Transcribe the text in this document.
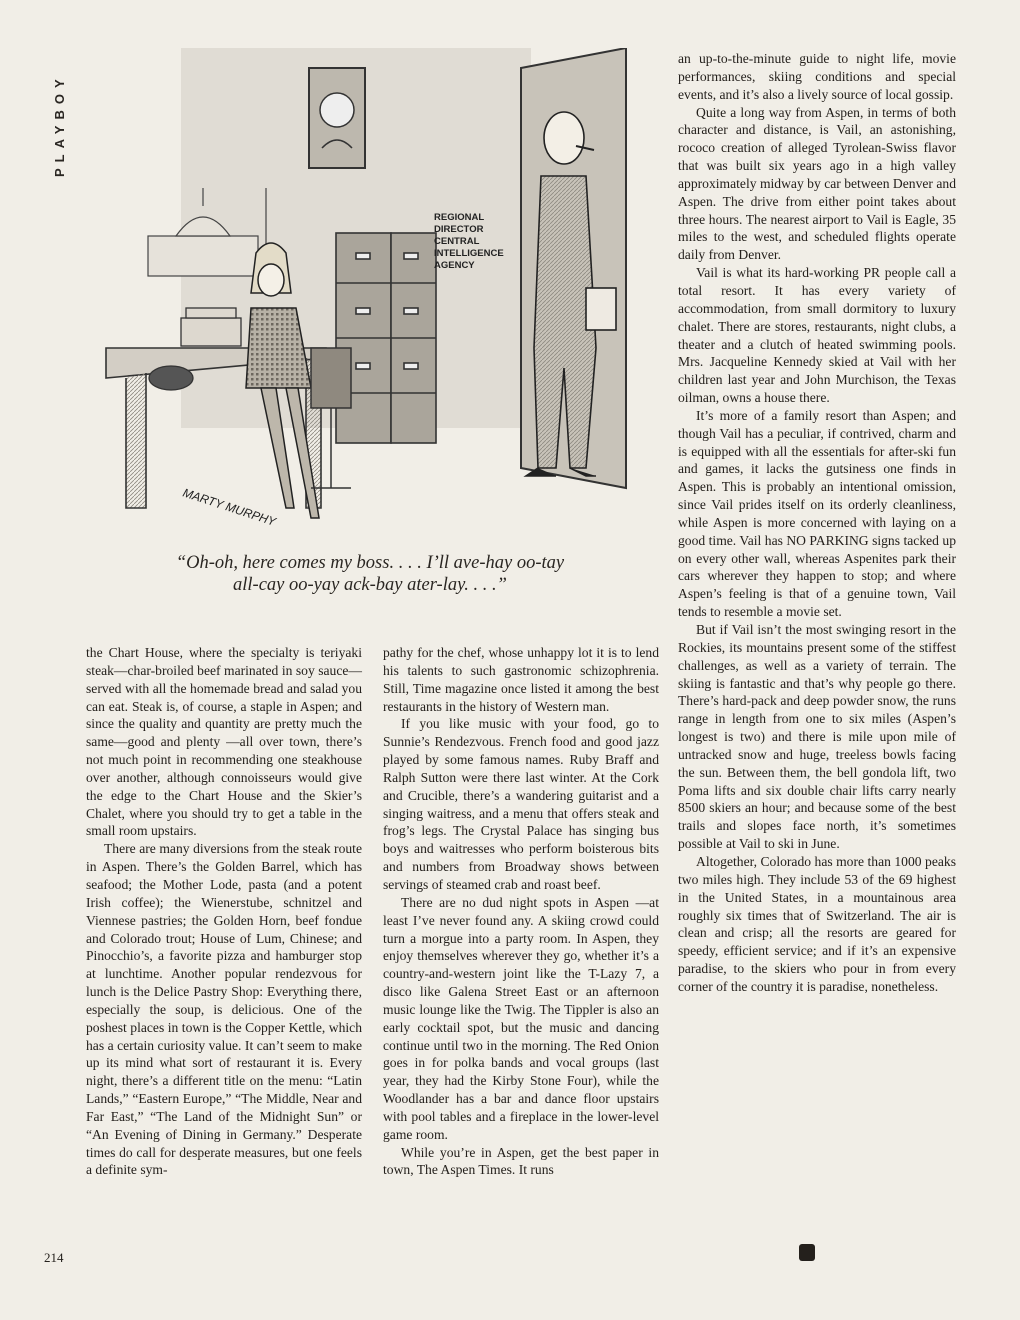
PLAYBOY
REGIONAL
DIRECTOR
CENTRAL
INTELLIGENCE
AGENCY
MARTY MURPHY
“Oh-oh, here comes my boss. . . . I’ll ave-hay oo-tay
all-cay oo-yay ack-bay ater-lay. . . .”

the Chart House, where the specialty is teriyaki steak—char-broiled beef marinated in soy sauce—served with all the homemade bread and salad you can eat. Steak is, of course, a staple in Aspen; and since the quality and quantity are pretty much the same—good and plenty —all over town, there’s not much point in recommending one steakhouse over another, although connoisseurs would give the edge to the Chart House and the Skier’s Chalet, where you should try to get a table in the small room upstairs.

There are many diversions from the steak route in Aspen. There’s the Golden Barrel, which has seafood; the Mother Lode, pasta (and a potent Irish coffee); the Wienerstube, schnitzel and Viennese pastries; the Golden Horn, beef fondue and Colorado trout; House of Lum, Chinese; and Pinocchio’s, a favorite pizza and hamburger stop at lunchtime. Another popular rendezvous for lunch is the Delice Pastry Shop: Everything there, especially the soup, is delicious. One of the poshest places in town is the Copper Kettle, which has a certain curiosity value. It can’t seem to make up its mind what sort of restaurant it is. Every night, there’s a different title on the menu: “Latin Lands,” “Eastern Europe,” “The Middle, Near and Far East,” “The Land of the Midnight Sun” or “An Evening of Dining in Germany.” Desperate times do call for desperate measures, but one feels a definite sym-

pathy for the chef, whose unhappy lot it is to lend his talents to such gastronomic schizophrenia. Still, Time magazine once listed it among the best restaurants in the history of Western man.

If you like music with your food, go to Sunnie’s Rendezvous. French food and good jazz played by some famous names. Ruby Braff and Ralph Sutton were there last winter. At the Cork and Crucible, there’s a wandering guitarist and a singing waitress, and a menu that offers steak and frog’s legs. The Crystal Palace has singing bus boys and waitresses who perform boisterous bits and numbers from Broadway shows between servings of steamed crab and roast beef.

There are no dud night spots in Aspen —at least I’ve never found any. A skiing crowd could turn a morgue into a party room. In Aspen, they enjoy themselves wherever they go, whether it’s a country-and-western joint like the T-Lazy 7, a disco like Galena Street East or an afternoon music lounge like the Twig. The Tippler is also an early cocktail spot, but the music and dancing continue until two in the morning. The Red Onion goes in for polka bands and vocal groups (last year, they had the Kirby Stone Four), while the Woodlander has a bar and dance floor upstairs with pool tables and a fireplace in the lower-level game room.

While you’re in Aspen, get the best paper in town, The Aspen Times. It runs

an up-to-the-minute guide to night life, movie performances, skiing conditions and special events, and it’s also a lively source of local gossip.

Quite a long way from Aspen, in terms of both character and distance, is Vail, an astonishing, rococo creation of alleged Tyrolean-Swiss flavor that was built six years ago in a high valley approximately midway by car between Denver and Aspen. The drive from either point takes about three hours. The nearest airport to Vail is Eagle, 35 miles to the west, and scheduled flights operate daily from Denver.

Vail is what its hard-working PR people call a total resort. It has every variety of accommodation, from small dormitory to luxury chalet. There are stores, restaurants, night clubs, a theater and a clutch of heated swimming pools. Mrs. Jacqueline Kennedy skied at Vail with her children last year and John Murchison, the Texas oilman, owns a house there.

It’s more of a family resort than Aspen; and though Vail has a peculiar, if contrived, charm and is equipped with all the essentials for after-ski fun and games, it lacks the gutsiness one finds in Aspen. This is probably an intentional omission, since Vail prides itself on its orderly cleanliness, while Aspen is more concerned with laying on a good time. Vail has NO PARKING signs tacked up on every other wall, whereas Aspenites park their cars wherever they happen to stop; and where Aspen’s feeling is that of a genuine town, Vail tends to resemble a movie set.

But if Vail isn’t the most swinging resort in the Rockies, its mountains present some of the stiffest challenges, as well as a variety of terrain. The skiing is fantastic and that’s why people go there. There’s hard-pack and deep powder snow, the runs range in length from one to six miles (Aspen’s longest is two) and there is mile upon mile of untracked snow and huge, treeless bowls facing the sun. Between them, the bell gondola lift, two Poma lifts and six double chair lifts carry nearly 8500 skiers an hour; and because some of the best trails and slopes face north, it’s sometimes possible at Vail to ski in June.

Altogether, Colorado has more than 1000 peaks two miles high. They include 53 of the 69 highest in the United States, in a mountainous area roughly six times that of Switzerland. The air is clean and crisp; all the resorts are geared for speedy, efficient service; and if it’s an expensive paradise, to the skiers who pour in from every corner of the country it is paradise, nonetheless.

214
